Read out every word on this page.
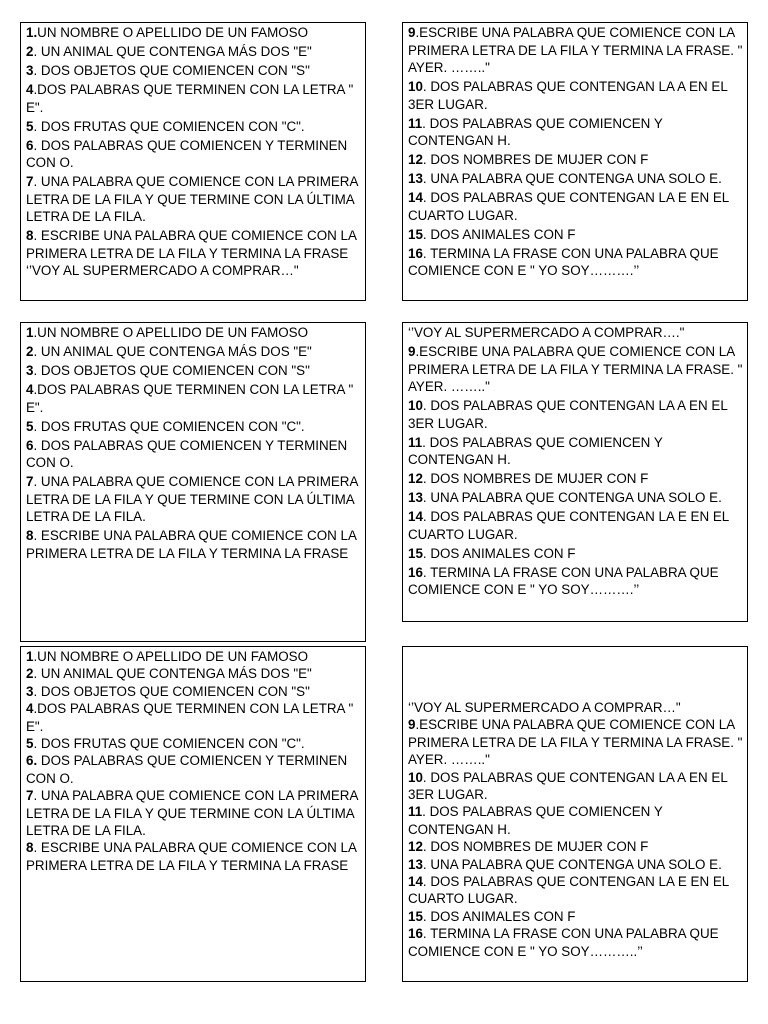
1.UN NOMBRE O APELLIDO DE UN FAMOSO

2. UN ANIMAL QUE CONTENGA MÁS DOS "E"

3. DOS OBJETOS QUE COMIENCEN CON "S"

4.DOS PALABRAS QUE TERMINEN CON LA LETRA " E".

5. DOS FRUTAS QUE COMIENCEN CON "C".

6. DOS PALABRAS QUE COMIENCEN Y TERMINEN CON O.

7. UNA PALABRA QUE COMIENCE CON LA PRIMERA LETRA DE LA FILA Y QUE TERMINE CON LA ÚLTIMA LETRA DE LA FILA.

8. ESCRIBE UNA PALABRA QUE COMIENCE CON LA PRIMERA LETRA DE LA FILA Y TERMINA LA FRASE ‘’VOY AL SUPERMERCADO A COMPRAR…"

9.ESCRIBE UNA PALABRA QUE COMIENCE CON LA PRIMERA LETRA DE LA FILA Y TERMINA LA FRASE. " AYER. …….."

10. DOS PALABRAS QUE CONTENGAN LA A EN EL 3ER LUGAR.

11. DOS PALABRAS QUE COMIENCEN Y CONTENGAN H.

12. DOS NOMBRES DE MUJER CON F

13. UNA PALABRA QUE CONTENGA UNA SOLO E.

14. DOS PALABRAS QUE CONTENGAN LA E EN EL CUARTO LUGAR.

15. DOS ANIMALES CON F

16. TERMINA LA FRASE CON UNA PALABRA QUE COMIENCE CON E " YO SOY……….’’

1.UN NOMBRE O APELLIDO DE UN FAMOSO

2. UN ANIMAL QUE CONTENGA MÁS DOS "E"

3. DOS OBJETOS QUE COMIENCEN CON "S"

4.DOS PALABRAS QUE TERMINEN CON LA LETRA " E".

5. DOS FRUTAS QUE COMIENCEN CON "C".

6. DOS PALABRAS QUE COMIENCEN Y TERMINEN CON O.

7. UNA PALABRA QUE COMIENCE CON LA PRIMERA LETRA DE LA FILA Y QUE TERMINE CON LA ÚLTIMA LETRA DE LA FILA.

8. ESCRIBE UNA PALABRA QUE COMIENCE CON LA PRIMERA LETRA DE LA FILA Y TERMINA LA FRASE

‘’VOY AL SUPERMERCADO A COMPRAR…."

9.ESCRIBE UNA PALABRA QUE COMIENCE CON LA PRIMERA LETRA DE LA FILA Y TERMINA LA FRASE. " AYER. …….."

10. DOS PALABRAS QUE CONTENGAN LA A EN EL 3ER LUGAR.

11. DOS PALABRAS QUE COMIENCEN Y CONTENGAN H.

12. DOS NOMBRES DE MUJER CON F

13. UNA PALABRA QUE CONTENGA UNA SOLO E.

14. DOS PALABRAS QUE CONTENGAN LA E EN EL CUARTO LUGAR.

15. DOS ANIMALES CON F

16. TERMINA LA FRASE CON UNA PALABRA QUE COMIENCE CON E " YO SOY……….’’

1.UN NOMBRE O APELLIDO DE UN FAMOSO

2. UN ANIMAL QUE CONTENGA MÁS DOS "E"

3. DOS OBJETOS QUE COMIENCEN CON "S"

4.DOS PALABRAS QUE TERMINEN CON LA LETRA " E".

5. DOS FRUTAS QUE COMIENCEN CON "C".

6. DOS PALABRAS QUE COMIENCEN Y TERMINEN CON O.

7. UNA PALABRA QUE COMIENCE CON LA PRIMERA LETRA DE LA FILA Y QUE TERMINE CON LA ÚLTIMA LETRA DE LA FILA.

8. ESCRIBE UNA PALABRA QUE COMIENCE CON LA PRIMERA LETRA DE LA FILA Y TERMINA LA FRASE

‘’VOY AL SUPERMERCADO A COMPRAR…"

9.ESCRIBE UNA PALABRA QUE COMIENCE CON LA PRIMERA LETRA DE LA FILA Y TERMINA LA FRASE. " AYER. …….."

10. DOS PALABRAS QUE CONTENGAN LA A EN EL 3ER LUGAR.

11. DOS PALABRAS QUE COMIENCEN Y CONTENGAN H.

12. DOS NOMBRES DE MUJER CON F

13. UNA PALABRA QUE CONTENGA UNA SOLO E.

14. DOS PALABRAS QUE CONTENGAN LA E EN EL CUARTO LUGAR.

15. DOS ANIMALES CON F

16. TERMINA LA FRASE CON UNA PALABRA QUE COMIENCE CON E " YO SOY………..’’
